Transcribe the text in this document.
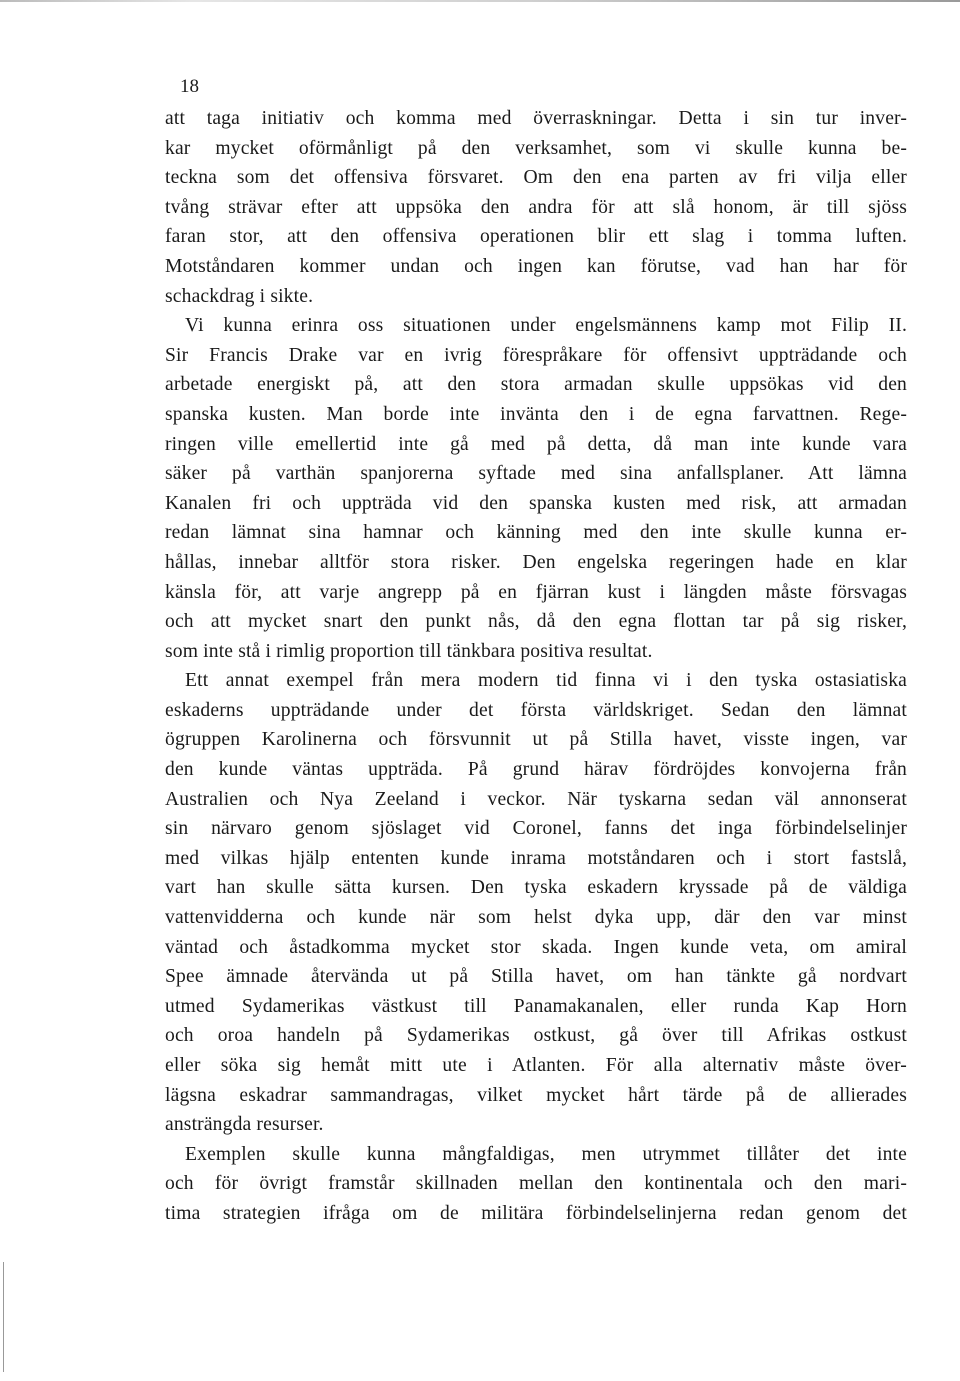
18
att taga initiativ och komma med överraskningar. Detta i sin tur inver-
kar mycket oförmånligt på den verksamhet, som vi skulle kunna be-
teckna som det offensiva försvaret. Om den ena parten av fri vilja eller
tvång strävar efter att uppsöka den andra för att slå honom, är till sjöss
faran stor, att den offensiva operationen blir ett slag i tomma luften.
Motståndaren kommer undan och ingen kan förutse, vad han har för
schackdrag i sikte.
Vi kunna erinra oss situationen under engelsmännens kamp mot Filip II.
Sir Francis Drake var en ivrig förespråkare för offensivt uppträdande och
arbetade energiskt på, att den stora armadan skulle uppsökas vid den
spanska kusten. Man borde inte invänta den i de egna farvattnen. Rege-
ringen ville emellertid inte gå med på detta, då man inte kunde vara
säker på varthän spanjorerna syftade med sina anfallsplaner. Att lämna
Kanalen fri och uppträda vid den spanska kusten med risk, att armadan
redan lämnat sina hamnar och känning med den inte skulle kunna er-
hållas, innebar alltför stora risker. Den engelska regeringen hade en klar
känsla för, att varje angrepp på en fjärran kust i längden måste försvagas
och att mycket snart den punkt nås, då den egna flottan tar på sig risker,
som inte stå i rimlig proportion till tänkbara positiva resultat.
Ett annat exempel från mera modern tid finna vi i den tyska ostasiatiska
eskaderns uppträdande under det första världskriget. Sedan den lämnat
ögruppen Karolinerna och försvunnit ut på Stilla havet, visste ingen, var
den kunde väntas uppträda. På grund härav fördröjdes konvojerna från
Australien och Nya Zeeland i veckor. När tyskarna sedan väl annonserat
sin närvaro genom sjöslaget vid Coronel, fanns det inga förbindelselinjer
med vilkas hjälp ententen kunde inrama motståndaren och i stort fastslå,
vart han skulle sätta kursen. Den tyska eskadern kryssade på de väldiga
vattenvidderna och kunde när som helst dyka upp, där den var minst
väntad och åstadkomma mycket stor skada. Ingen kunde veta, om amiral
Spee ämnade återvända ut på Stilla havet, om han tänkte gå nordvart
utmed Sydamerikas västkust till Panamakanalen, eller runda Kap Horn
och oroa handeln på Sydamerikas ostkust, gå över till Afrikas ostkust
eller söka sig hemåt mitt ute i Atlanten. För alla alternativ måste över-
lägsna eskadrar sammandragas, vilket mycket hårt tärde på de allierades
ansträngda resurser.
Exemplen skulle kunna mångfaldigas, men utrymmet tillåter det inte
och för övrigt framstår skillnaden mellan den kontinentala och den mari-
tima strategien ifråga om de militära förbindelselinjerna redan genom det
